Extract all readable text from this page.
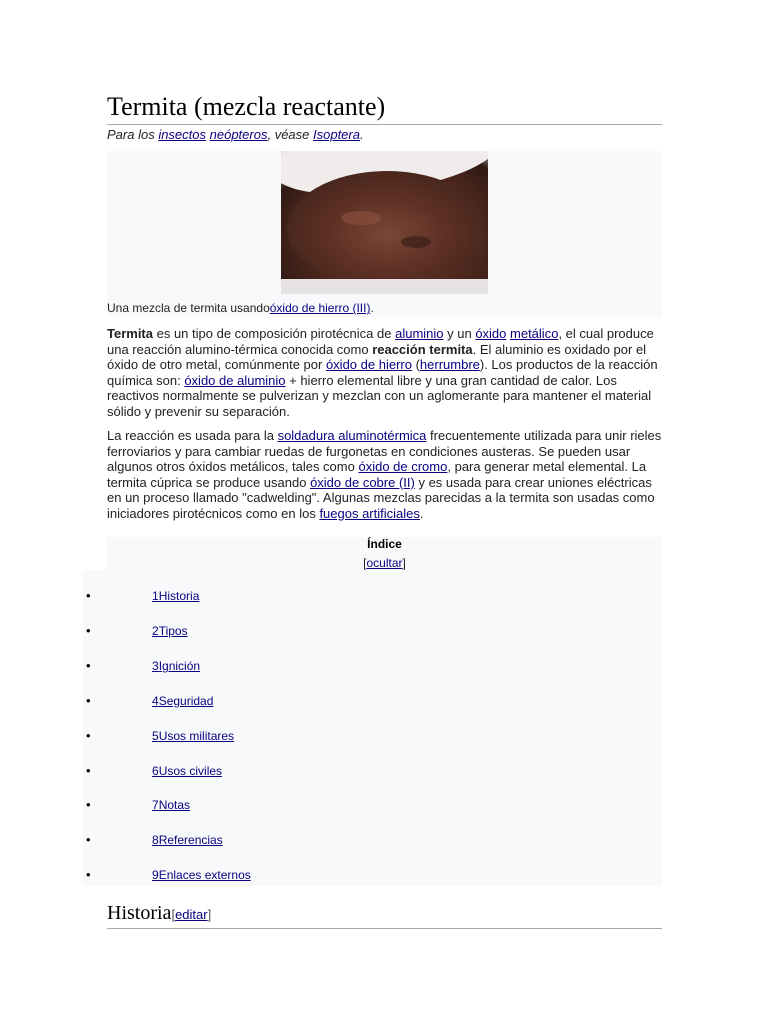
Termita (mezcla reactante)
Para los insectos neópteros, véase Isoptera.
Una mezcla de termita usandoóxido de hierro (III).

Termita es un tipo de composición pirotécnica de aluminio y un óxido metálico, el cual produce una reacción alumino-térmica conocida como reacción termita. El aluminio es oxidado por el óxido de otro metal, comúnmente por óxido de hierro (herrumbre). Los productos de la reacción química son: óxido de aluminio + hierro elemental libre y una gran cantidad de calor. Los reactivos normalmente se pulverizan y mezclan con un aglomerante para mantener el material sólido y prevenir su separación.

La reacción es usada para la soldadura aluminotérmica frecuentemente utilizada para unir rieles ferroviarios y para cambiar ruedas de furgonetas en condiciones austeras. Se pueden usar algunos otros óxidos metálicos, tales como óxido de cromo, para generar metal elemental. La termita cúprica se produce usando óxido de cobre (II) y es usada para crear uniones eléctricas en un proceso llamado "cadwelding". Algunas mezclas parecidas a la termita son usadas como iniciadores pirotécnicos como en los fuegos artificiales.

Índice
[ocultar]
•	1Historia
•	2Tipos
•	3Ignición
•	4Seguridad
•	5Usos militares
•	6Usos civiles
•	7Notas
•	8Referencias
•	9Enlaces externos
Historia[editar]
